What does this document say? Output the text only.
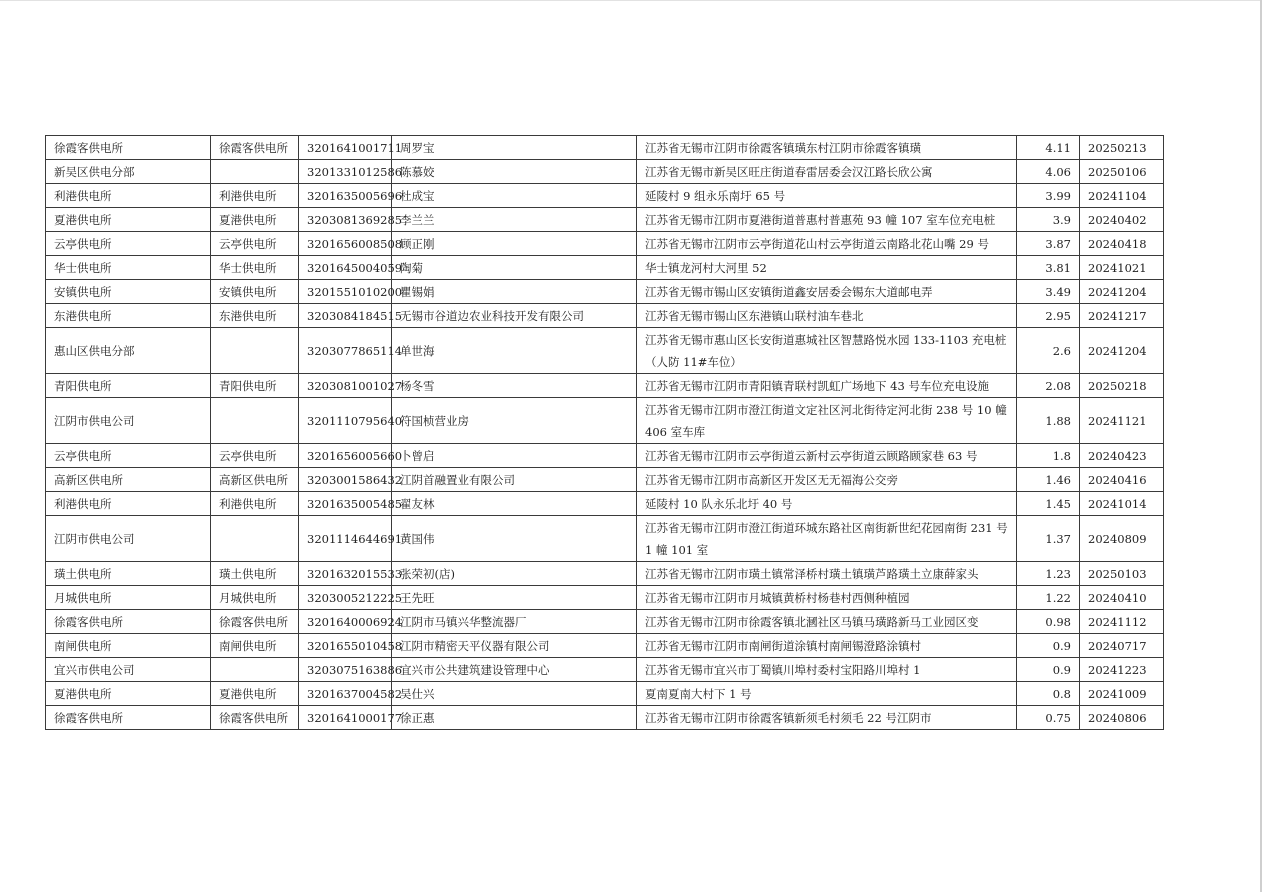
徐霞客供电所	徐霞客供电所	3201641001711	周罗宝	江苏省无锡市江阴市徐霞客镇璜东村江阴市徐霞客镇璜	4.11	20250213
新吴区供电分部		3201331012586	陈慕姣	江苏省无锡市新吴区旺庄街道春雷居委会汉江路长欣公寓	4.06	20250106
利港供电所	利港供电所	3201635005696	杜成宝	延陵村 9 组永乐南圩 65 号	3.99	20241104
夏港供电所	夏港供电所	3203081369285	李兰兰	江苏省无锡市江阴市夏港街道普惠村普惠苑 93 幢 107 室车位充电桩	3.9	20240402
云亭供电所	云亭供电所	3201656008508	顾正刚	江苏省无锡市江阴市云亭街道花山村云亭街道云南路北花山嘴 29 号	3.87	20240418
华士供电所	华士供电所	3201645004059	陶菊	华士镇龙河村大河里 52	3.81	20241021
安镇供电所	安镇供电所	3201551010200	瞿锡娟	江苏省无锡市锡山区安镇街道鑫安居委会锡东大道邮电弄	3.49	20241204
东港供电所	东港供电所	3203084184515	无锡市谷道边农业科技开发有限公司	江苏省无锡市锡山区东港镇山联村油车巷北	2.95	20241217
惠山区供电分部		3203077865114	单世海	江苏省无锡市惠山区长安街道惠城社区智慧路悦水园 133-1103 充电桩（人防 11#车位）	2.6	20241204
青阳供电所	青阳供电所	3203081001027	杨冬雪	江苏省无锡市江阴市青阳镇青联村凯虹广场地下 43 号车位充电设施	2.08	20250218
江阴市供电公司		3201110795640	符国桢营业房	江苏省无锡市江阴市澄江街道文定社区河北街待定河北街 238 号 10 幢 406 室车库	1.88	20241121
云亭供电所	云亭供电所	3201656005660	卜曾启	江苏省无锡市江阴市云亭街道云新村云亭街道云顾路顾家巷 63 号	1.8	20240423
高新区供电所	高新区供电所	3203001586432	江阴首融置业有限公司	江苏省无锡市江阴市高新区开发区无无福海公交旁	1.46	20240416
利港供电所	利港供电所	3201635005485	翟友林	延陵村 10 队永乐北圩 40 号	1.45	20241014
江阴市供电公司		3201114644691	黄国伟	江苏省无锡市江阴市澄江街道环城东路社区南街新世纪花园南街 231 号 1 幢 101 室	1.37	20240809
璜土供电所	璜土供电所	3201632015533	张荣初(店)	江苏省无锡市江阴市璜土镇常泽桥村璜土镇璜芦路璜土立康薛家头	1.23	20250103
月城供电所	月城供电所	3203005212225	王先旺	江苏省无锡市江阴市月城镇黄桥村杨巷村西侧种植园	1.22	20240410
徐霞客供电所	徐霞客供电所	3201640006924	江阴市马镇兴华整流器厂	江苏省无锡市江阴市徐霞客镇北漍社区马镇马璜路新马工业园区变	0.98	20241112
南闸供电所	南闸供电所	3201655010458	江阴市精密天平仪器有限公司	江苏省无锡市江阴市南闸街道涂镇村南闸锡澄路涂镇村	0.9	20240717
宜兴市供电公司		3203075163886	宜兴市公共建筑建设管理中心	江苏省无锡市宜兴市丁蜀镇川埠村委村宝阳路川埠村 1	0.9	20241223
夏港供电所	夏港供电所	3201637004582	吴仕兴	夏南夏南大村下 1 号	0.8	20241009
徐霞客供电所	徐霞客供电所	3201641000177	徐正惠	江苏省无锡市江阴市徐霞客镇新须毛村须毛 22 号江阴市	0.75	20240806
